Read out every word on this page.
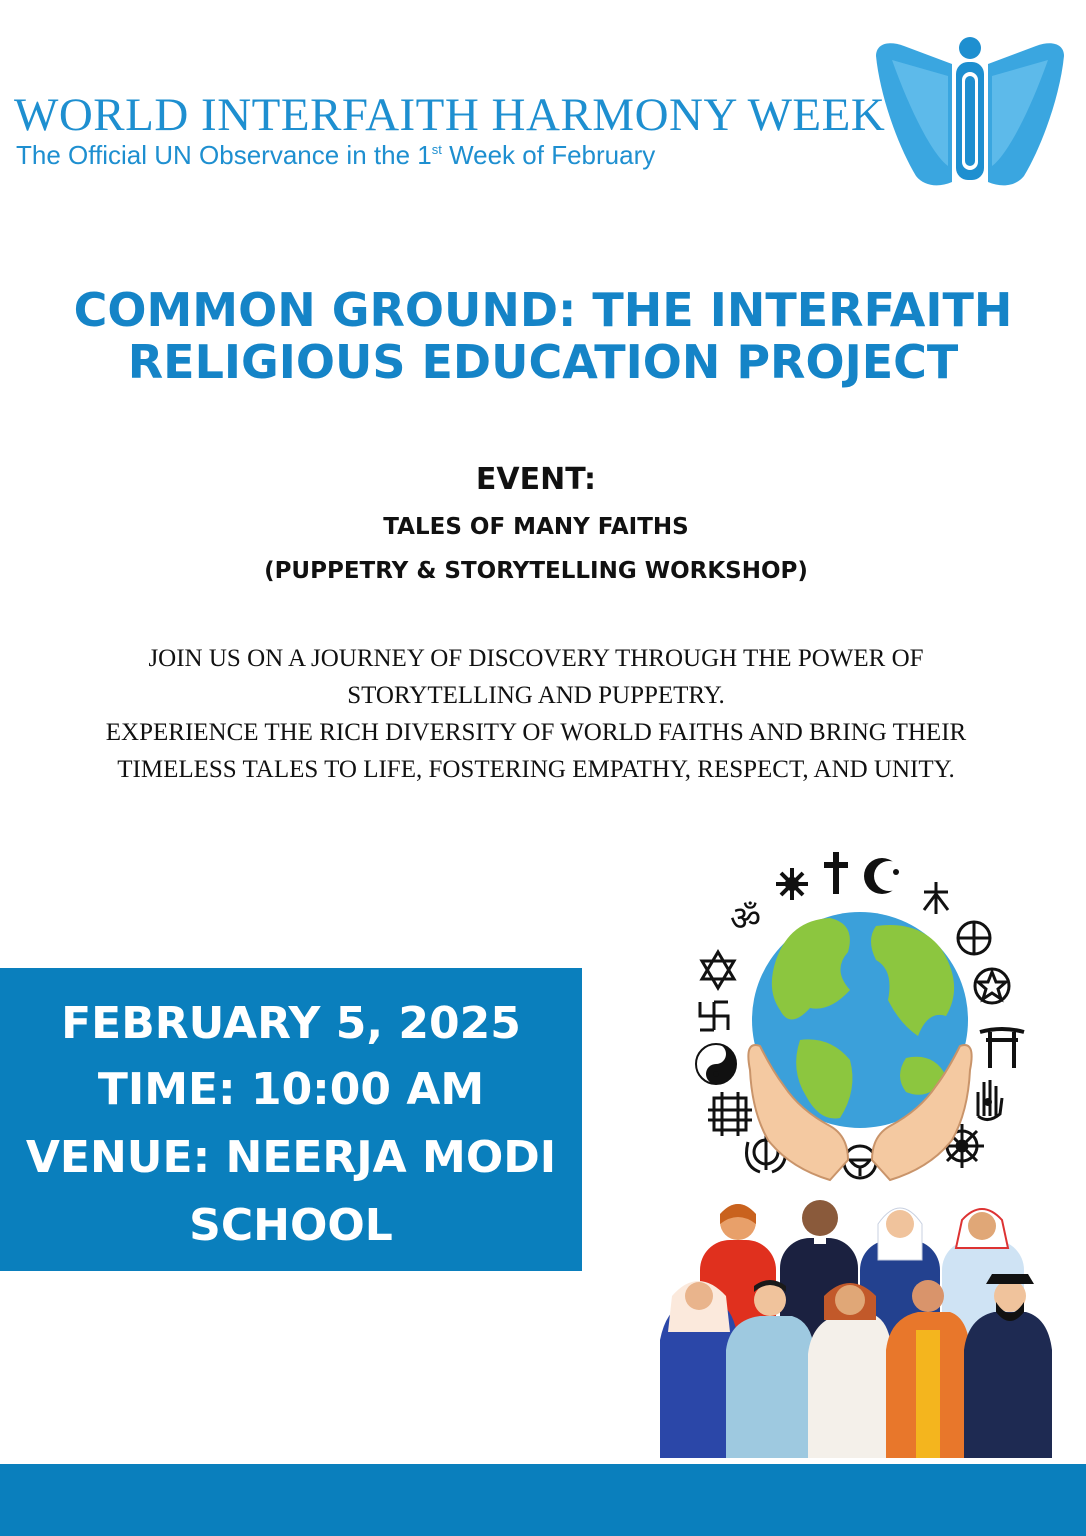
WORLD INTERFAITH HARMONY WEEK
The Official UN Observance in the 1st Week of February
COMMON GROUND: THE INTERFAITH
RELIGIOUS EDUCATION PROJECT
EVENT:
TALES OF MANY FAITHS
(PUPPETRY & STORYTELLING WORKSHOP)
JOIN US ON A JOURNEY OF DISCOVERY THROUGH THE POWER OF
STORYTELLING AND PUPPETRY.
EXPERIENCE THE RICH DIVERSITY OF WORLD FAITHS AND BRING THEIR
TIMELESS TALES TO LIFE, FOSTERING EMPATHY, RESPECT, AND UNITY.
FEBRUARY 5, 2025
TIME: 10:00 AM
VENUE: NEERJA MODI
SCHOOL
ॐ
